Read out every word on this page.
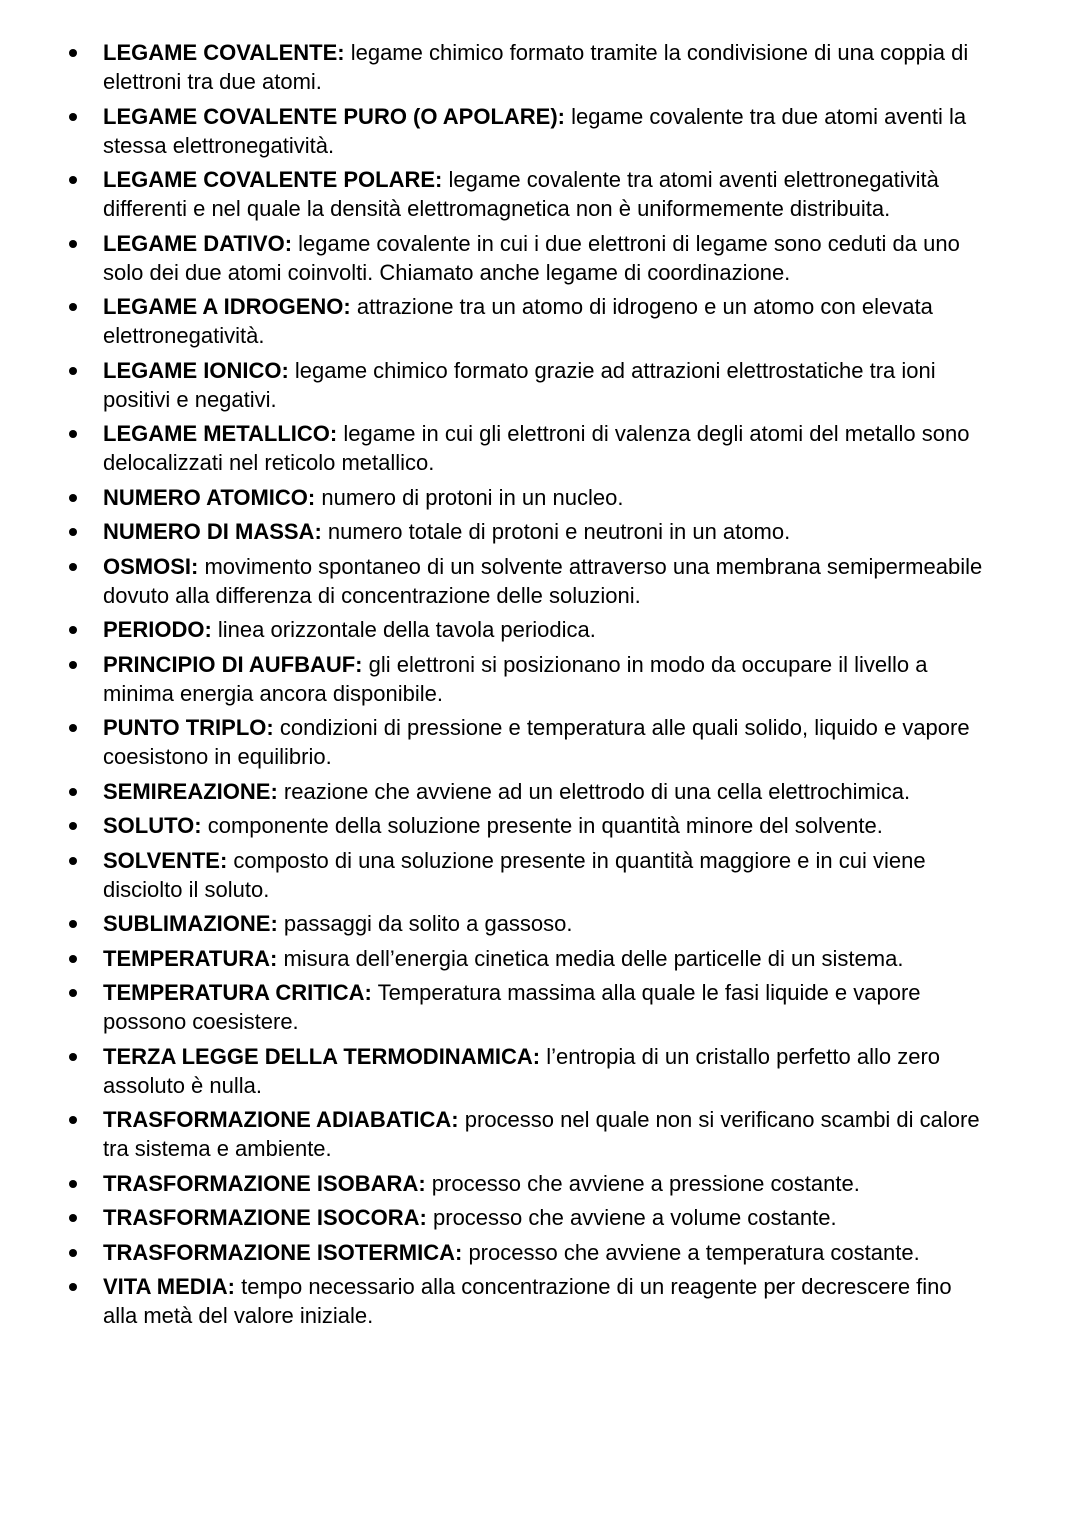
LEGAME COVALENTE: legame chimico formato tramite la condivisione di una coppia di elettroni tra due atomi.
LEGAME COVALENTE PURO (O APOLARE): legame covalente tra due atomi aventi la stessa elettronegatività.
LEGAME COVALENTE POLARE: legame covalente tra atomi aventi elettronegatività differenti e nel quale la densità elettromagnetica non è uniformemente distribuita.
LEGAME DATIVO: legame covalente in cui i due elettroni di legame sono ceduti da uno solo dei due atomi coinvolti. Chiamato anche legame di coordinazione.
LEGAME A IDROGENO: attrazione tra un atomo di idrogeno e un atomo con elevata elettronegatività.
LEGAME IONICO: legame chimico formato grazie ad attrazioni elettrostatiche tra ioni positivi e negativi.
LEGAME METALLICO: legame in cui gli elettroni di valenza degli atomi del metallo sono delocalizzati nel reticolo metallico.
NUMERO ATOMICO: numero di protoni in un nucleo.
NUMERO DI MASSA: numero totale di protoni e neutroni in un atomo.
OSMOSI: movimento spontaneo di un solvente attraverso una membrana semipermeabile dovuto alla differenza di concentrazione delle soluzioni.
PERIODO: linea orizzontale della tavola periodica.
PRINCIPIO DI AUFBAUF: gli elettroni si posizionano in modo da occupare il livello a minima energia ancora disponibile.
PUNTO TRIPLO: condizioni di pressione e temperatura alle quali solido, liquido e vapore coesistono in equilibrio.
SEMIREAZIONE: reazione che avviene ad un elettrodo di una cella elettrochimica.
SOLUTO: componente della soluzione presente in quantità minore del solvente.
SOLVENTE: composto di una soluzione presente in quantità maggiore e in cui viene disciolto il soluto.
SUBLIMAZIONE: passaggi da solito a gassoso.
TEMPERATURA: misura dell’energia cinetica media delle particelle di un sistema.
TEMPERATURA CRITICA: Temperatura massima alla quale le fasi liquide e vapore possono coesistere.
TERZA LEGGE DELLA TERMODINAMICA: l’entropia di un cristallo perfetto allo zero assoluto è nulla.
TRASFORMAZIONE ADIABATICA: processo nel quale non si verificano scambi di calore tra sistema e ambiente.
TRASFORMAZIONE ISOBARA: processo che avviene a pressione costante.
TRASFORMAZIONE ISOCORA: processo che avviene a volume costante.
TRASFORMAZIONE ISOTERMICA: processo che avviene a temperatura costante.
VITA MEDIA: tempo necessario alla concentrazione di un reagente per decrescere fino alla metà del valore iniziale.
